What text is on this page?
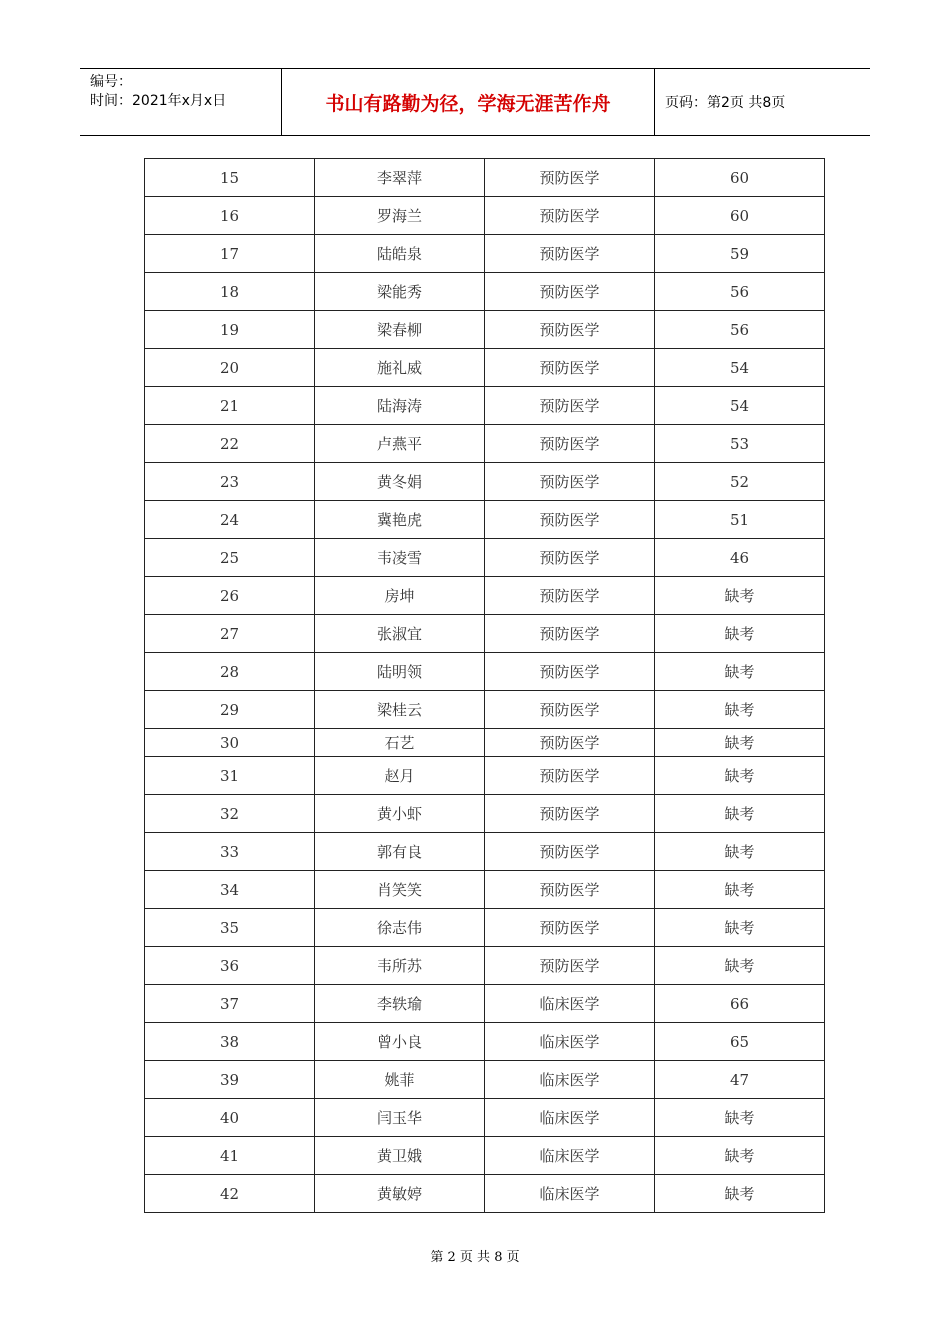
编号：
时间：2021年x月x日	书山有路勤为径，学海无涯苦作舟	页码：第2页 共8页
15	李翠萍	预防医学	60
16	罗海兰	预防医学	60
17	陆皓泉	预防医学	59
18	梁能秀	预防医学	56
19	梁春柳	预防医学	56
20	施礼威	预防医学	54
21	陆海涛	预防医学	54
22	卢燕平	预防医学	53
23	黄冬娟	预防医学	52
24	冀艳虎	预防医学	51
25	韦凌雪	预防医学	46
26	房坤	预防医学	缺考
27	张淑宜	预防医学	缺考
28	陆明领	预防医学	缺考
29	梁桂云	预防医学	缺考
30	石艺	预防医学	缺考
31	赵月	预防医学	缺考
32	黄小虾	预防医学	缺考
33	郭有良	预防医学	缺考
34	肖笑笑	预防医学	缺考
35	徐志伟	预防医学	缺考
36	韦所苏	预防医学	缺考
37	李轶瑜	临床医学	66
38	曾小良	临床医学	65
39	姚菲	临床医学	47
40	闫玉华	临床医学	缺考
41	黄卫娥	临床医学	缺考
42	黄敏婷	临床医学	缺考
第 2 页 共 8 页
